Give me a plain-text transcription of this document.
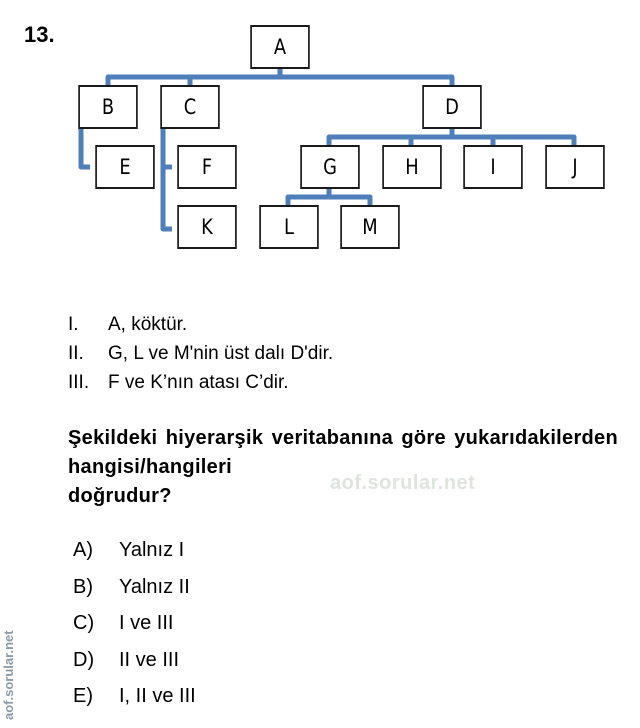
13.	A
B	C	D
E	F	G	H	I	J
K	L	M
I.	A, köktür.
II.	G, L ve M'nin üst dalı D'dir.
III. F ve K’nın atası C’dir.
Şekildeki hiyerarşik veritabanına göre yukarıdakilerden hangisi/hangileri
doğrudur?
aof.sorular.net
A)	Yalnız I
B)	Yalnız II
C)	I ve III
D)	II ve III
E)	I, II ve III
aof.sorular.net
